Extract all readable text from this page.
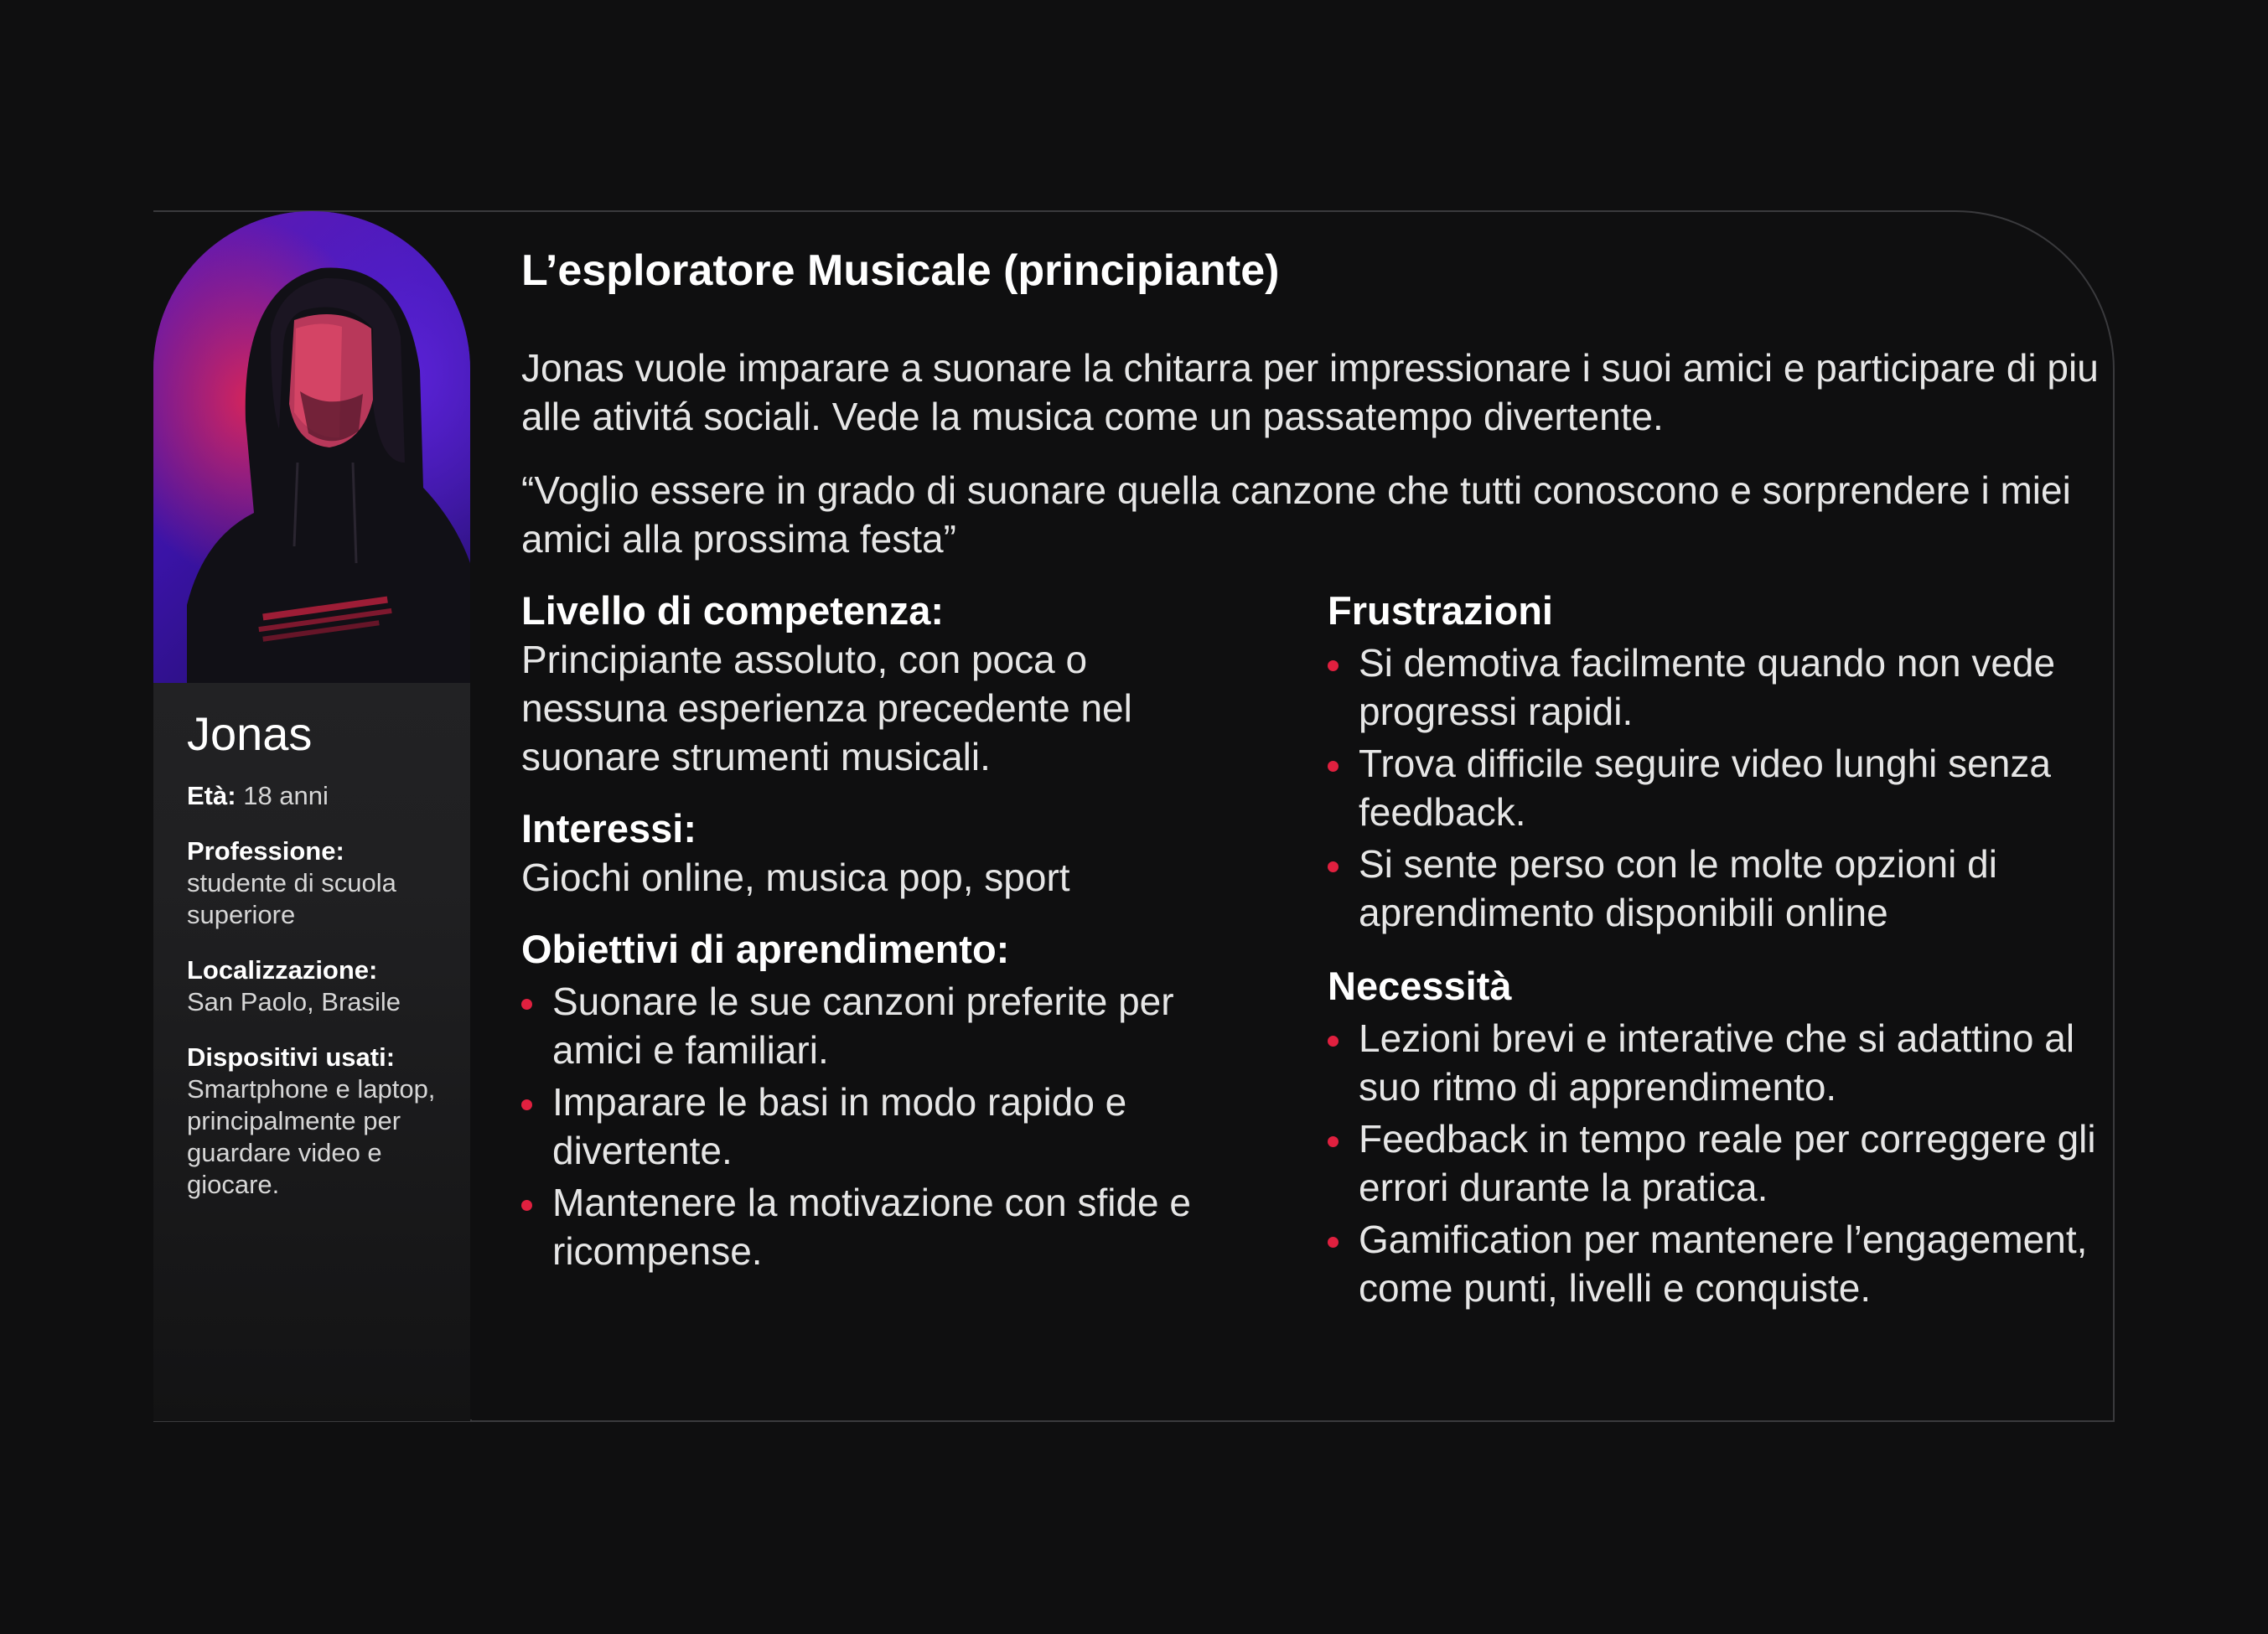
Jonas
Età: 18 anni
Professione:
studente di scuola superiore
Localizzazione:
San Paolo, Brasile
Dispositivi usati:
Smartphone e laptop, principalmente per guardare video e giocare.
L’esploratore Musicale (principiante)
Jonas vuole imparare a suonare la chitarra per impressionare i suoi amici e participare di piu alle ativitá sociali. Vede la musica come un passatempo divertente.
“Voglio essere in grado di suonare quella canzone che tutti conoscono e sorprendere i miei amici alla prossima festa”
Livello di competenza:
Principiante assoluto, con poca o nessuna esperienza precedente nel suonare strumenti musicali.
Interessi:
Giochi online, musica pop, sport
Obiettivi di aprendimento:
Suonare le sue canzoni preferite per amici e familiari.
Imparare le basi in modo rapido e divertente.
Mantenere la motivazione con sfide e ricompense.
Frustrazioni
Si demotiva facilmente quando non vede progressi rapidi.
Trova difficile seguire video lunghi senza feedback.
Si sente perso con le molte opzioni di aprendimento disponibili online
Necessità
Lezioni brevi e interative che si adattino al suo ritmo di apprendimento.
Feedback in tempo reale per correggere gli errori durante la pratica.
Gamification per mantenere l’engagement, come punti, livelli e conquiste.
